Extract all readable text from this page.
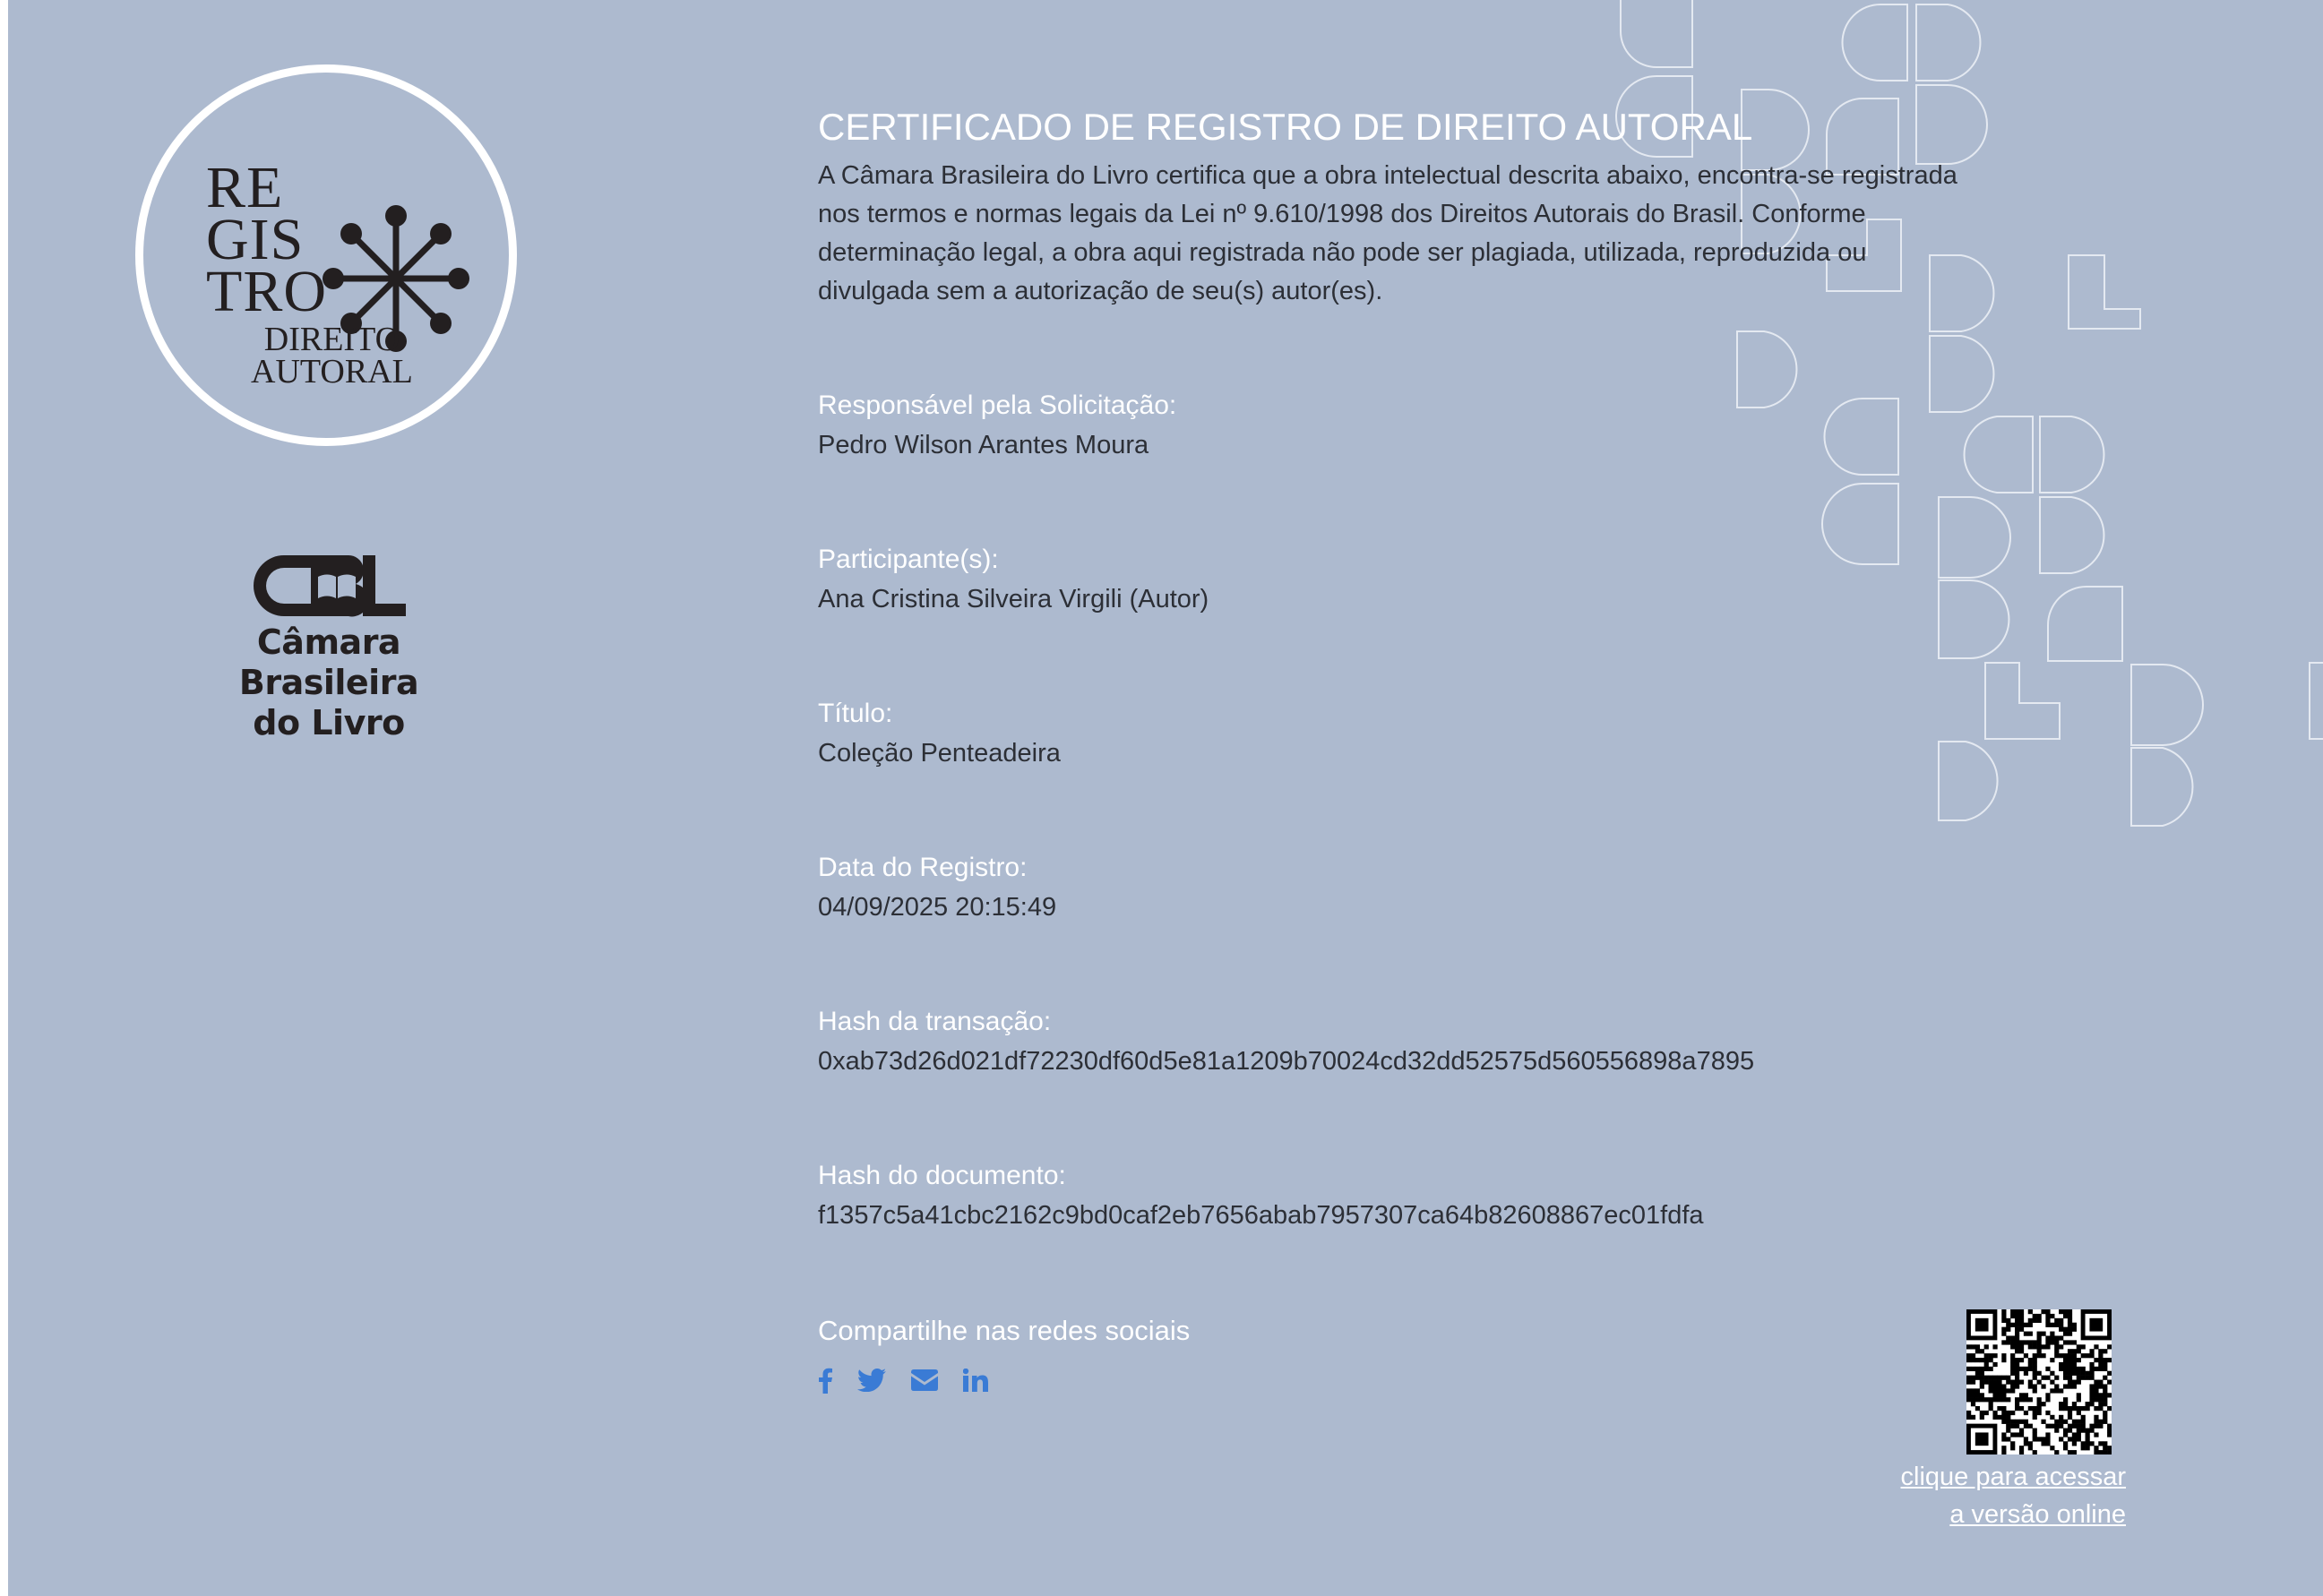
RE
GIS
TRO
DIREITO
AUTORAL
Câmara
Brasileira
do Livro
CERTIFICADO DE REGISTRO DE DIREITO AUTORAL
A Câmara Brasileira do Livro certifica que a obra intelectual descrita abaixo, encontra-se registrada nos termos e normas legais da Lei nº 9.610/1998 dos Direitos Autorais do Brasil. Conforme determinação legal, a obra aqui registrada não pode ser plagiada, utilizada, reproduzida ou divulgada sem a autorização de seu(s) autor(es).
Responsável pela Solicitação:
Pedro Wilson Arantes Moura
Participante(s):
Ana Cristina Silveira Virgili (Autor)
Título:
Coleção Penteadeira
Data do Registro:
04/09/2025 20:15:49
Hash da transação:
0xab73d26d021df72230df60d5e81a1209b70024cd32dd52575d560556898a7895
Hash do documento:
f1357c5a41cbc2162c9bd0caf2eb7656abab7957307ca64b82608867ec01fdfa
Compartilhe nas redes sociais
clique para acessar
a versão online
